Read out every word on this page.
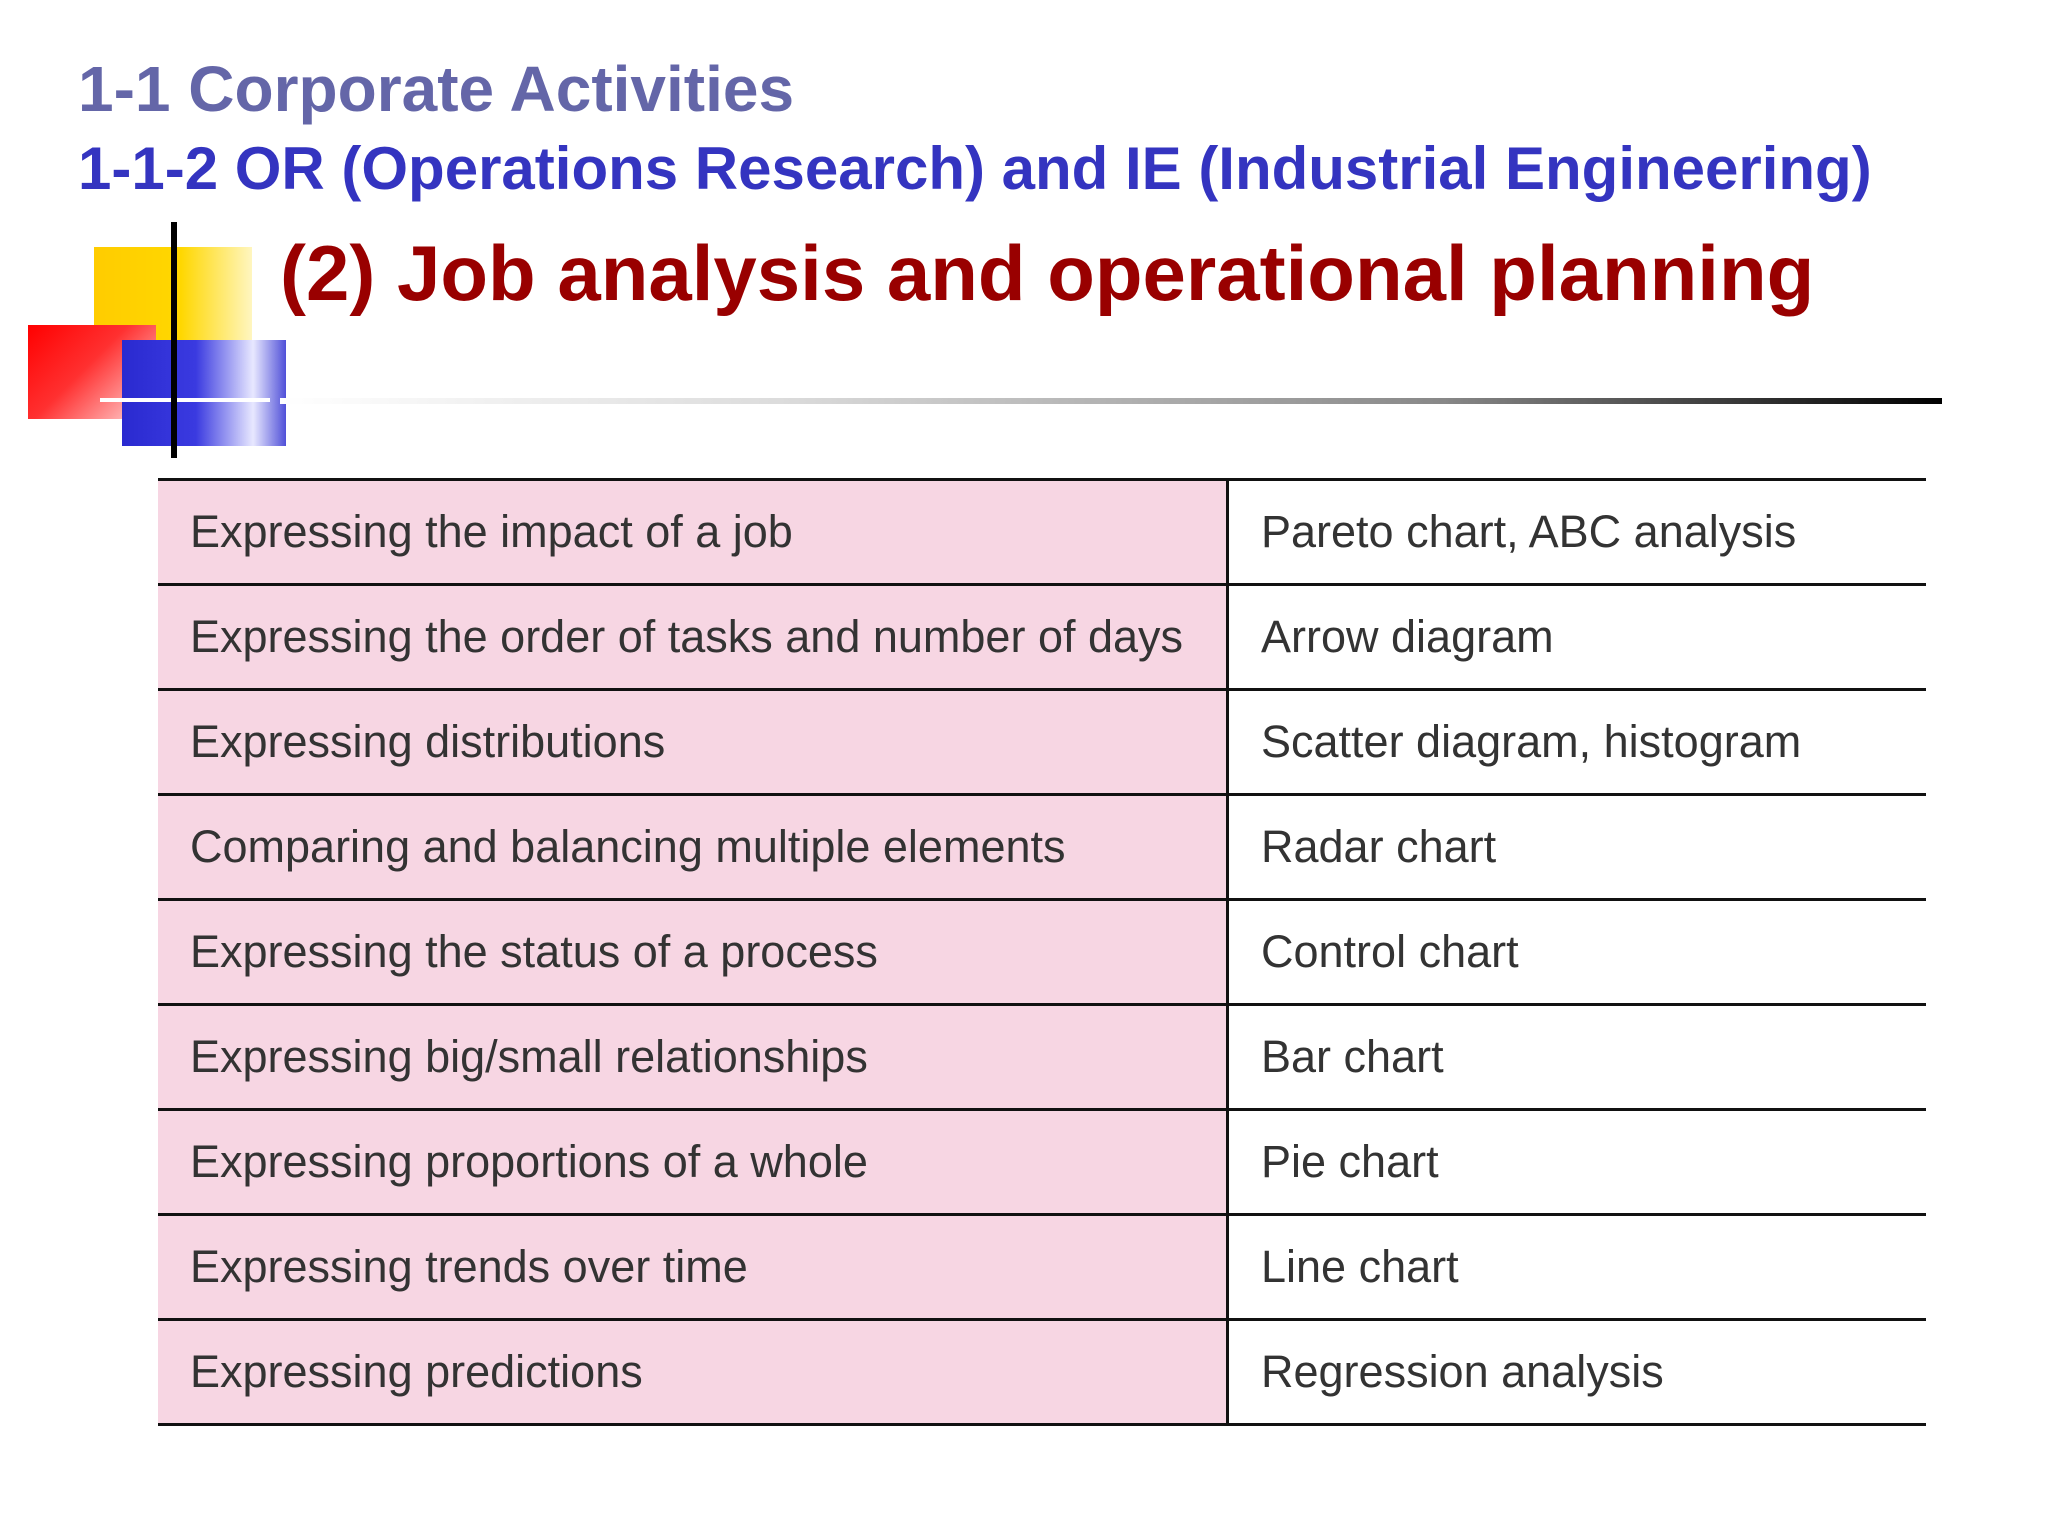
1-1 Corporate Activities
1-1-2 OR (Operations Research) and IE (Industrial Engineering)
(2) Job analysis and operational planning
Expressing the impact of a job	Pareto chart, ABC analysis
Expressing the order of tasks and number of days	Arrow diagram
Expressing distributions	Scatter diagram, histogram
Comparing and balancing multiple elements	Radar chart
Expressing the status of a process	Control chart
Expressing big/small relationships	Bar chart
Expressing proportions of a whole	Pie chart
Expressing trends over time	Line chart
Expressing predictions	Regression analysis
